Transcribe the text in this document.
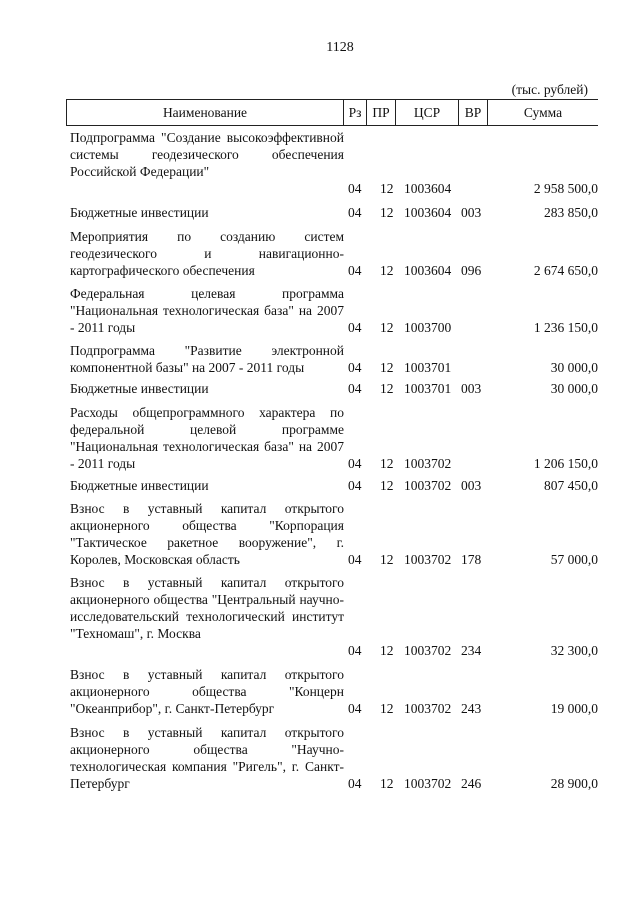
1128
(тыс. рублей)
Наименование	Рз ПР	ЦСР	ВР	Сумма
Подпрограмма "Создание высокоэффективной системы геодезического обеспечения Российской Федерации"
04 12 1003604	2 958 500,0
Бюджетные инвестиции	04 12 1003604 003	283 850,0
Мероприятия по созданию систем геодезического и навигационно-картографического обеспечения	04 12 1003604 096	2 674 650,0
Федеральная целевая программа "Национальная технологическая база" на 2007 - 2011 годы	04 12 1003700	1 236 150,0
Подпрограмма "Развитие электронной компонентной базы" на 2007 - 2011 годы	04 12 1003701	30 000,0
Бюджетные инвестиции	04 12 1003701 003	30 000,0
Расходы общепрограммного характера по федеральной целевой программе "Национальная технологическая база" на 2007 - 2011 годы	04 12 1003702	1 206 150,0
Бюджетные инвестиции	04 12 1003702 003	807 450,0
Взнос в уставный капитал открытого акционерного общества "Корпорация "Тактическое ракетное вооружение", г. Королев, Московская область	04 12 1003702 178	57 000,0
Взнос в уставный капитал открытого акционерного общества "Центральный научно-исследовательский технологический институт "Техномаш", г. Москва
04 12 1003702 234	32 300,0
Взнос в уставный капитал открытого акционерного общества "Концерн "Океанприбор", г. Санкт-Петербург	04 12 1003702 243	19 000,0
Взнос в уставный капитал открытого акционерного общества "Научно-технологическая компания "Ригель", г. Санкт-Петербург	04 12 1003702 246	28 900,0
